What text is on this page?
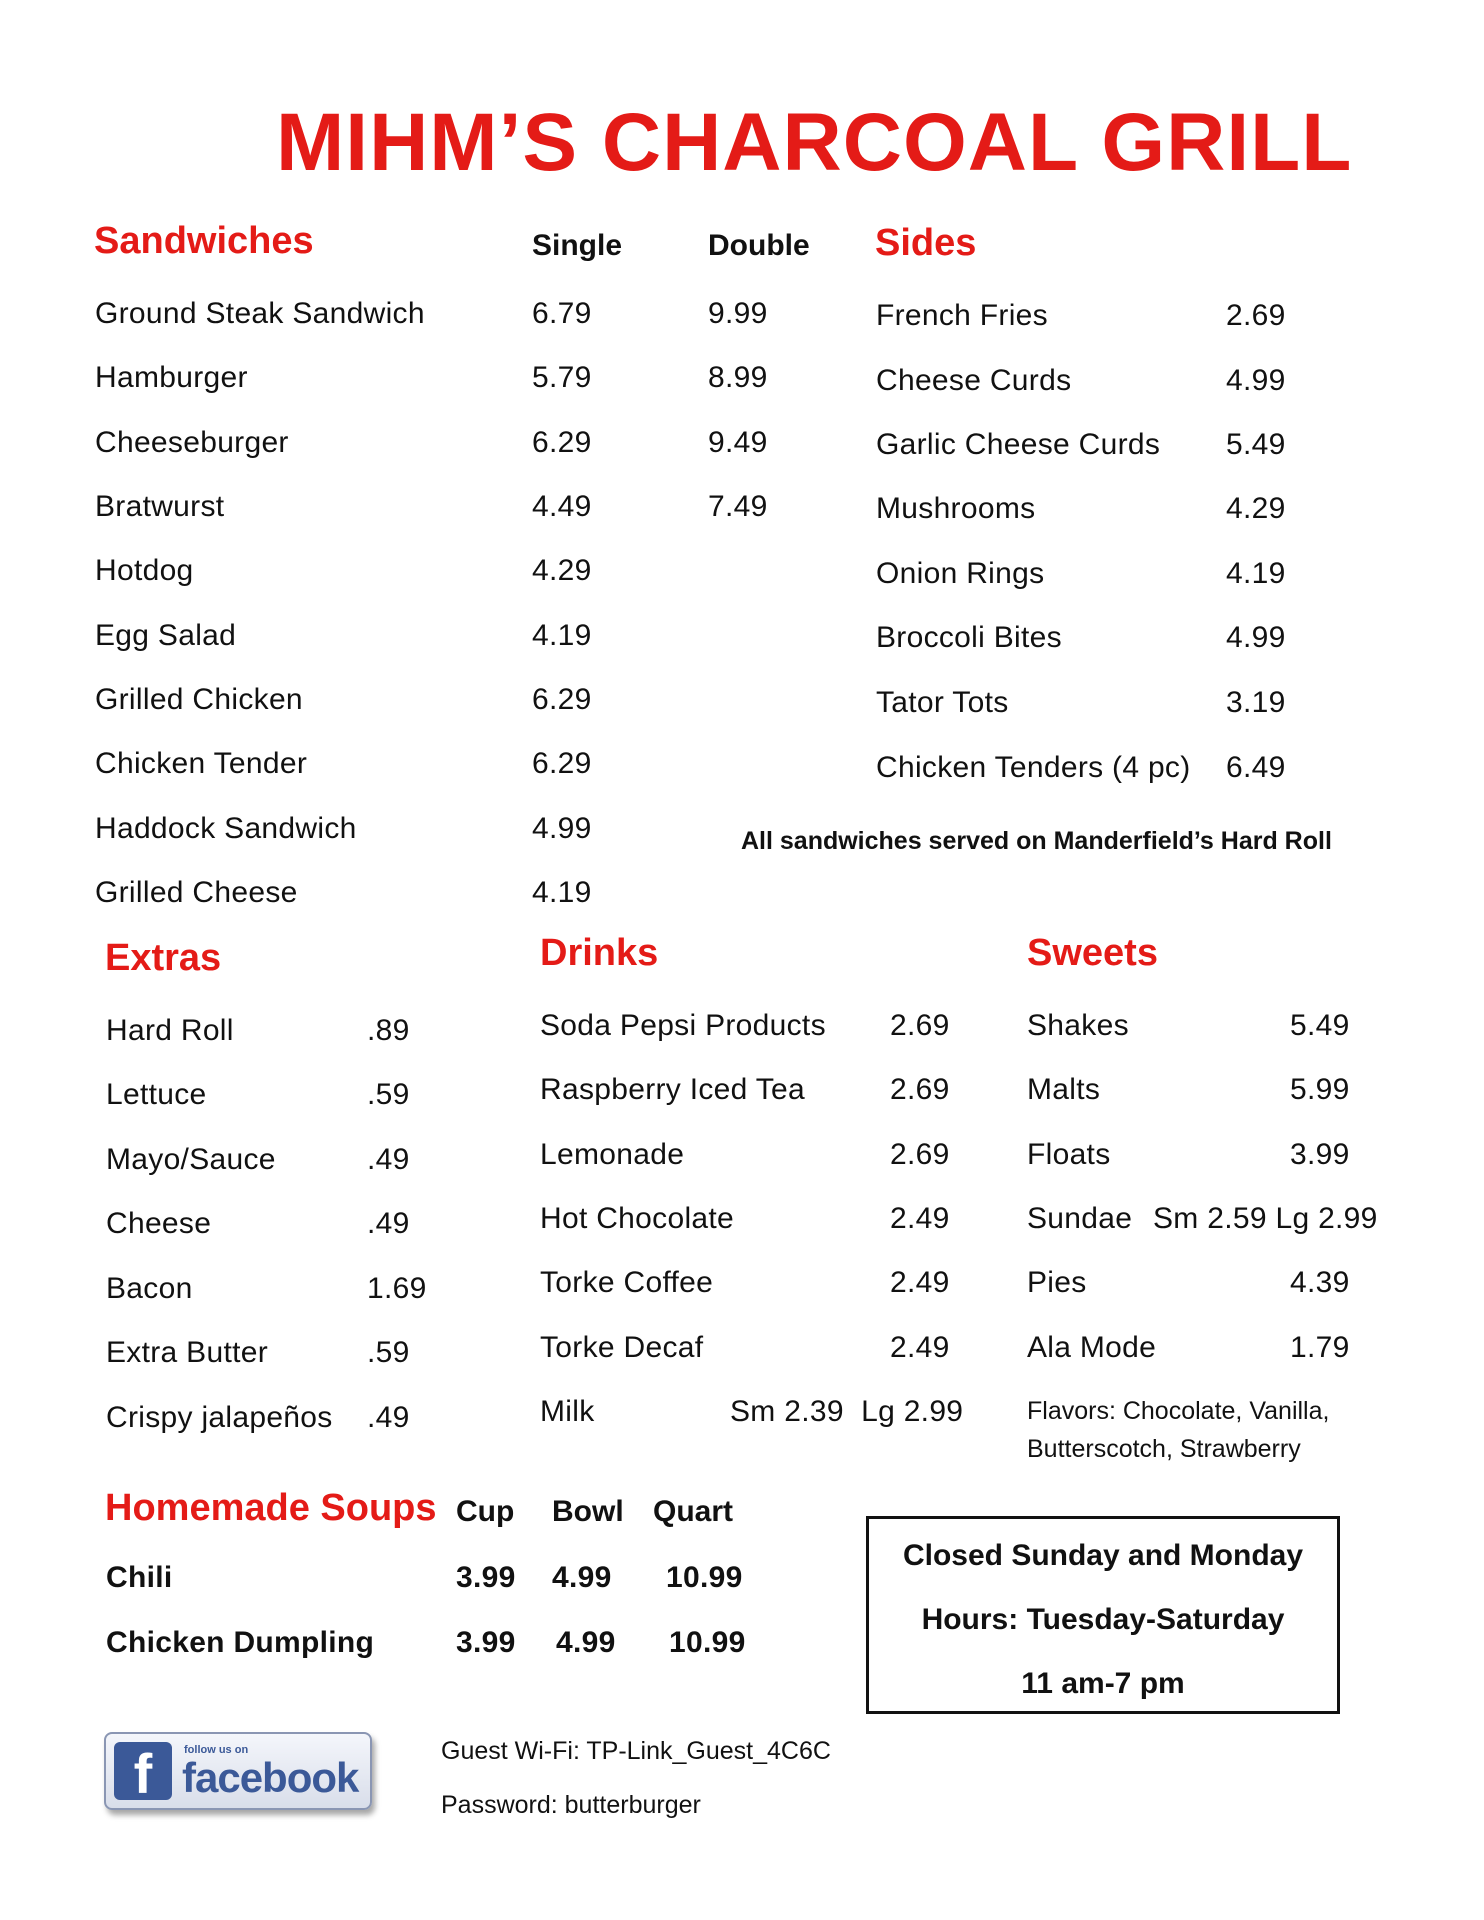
MIHM’S CHARCOAL GRILL
Sandwiches	Single	Double
Ground Steak Sandwich	6.79	9.99
Hamburger	5.79	8.99
Cheeseburger	6.29	9.49
Bratwurst	4.49	7.49
Hotdog	4.29
Egg Salad	4.19
Grilled Chicken	6.29
Chicken Tender	6.29
Haddock Sandwich	4.99
Grilled Cheese	4.19
Sides
French Fries	2.69
Cheese Curds	4.99
Garlic Cheese Curds 5.49
Mushrooms	4.29
Onion Rings	4.19
Broccoli Bites	4.99
Tator Tots	3.19
Chicken Tenders (4 pc) 6.49
All sandwiches served on Manderfield’s Hard Roll
Extras
Hard Roll	.89
Lettuce	.59
Mayo/Sauce	.49
Cheese	.49
Bacon	1.69
Extra Butter	.59
Crispy jalapeños .49
Drinks
Soda Pepsi Products 2.69
Raspberry Iced Tea	2.69
Lemonade	2.69
Hot Chocolate	2.49
Torke Coffee	2.49
Torke Decaf	2.49
Milk	Sm 2.39  Lg 2.99
Sweets
Shakes	5.49
Malts	5.99
Floats	3.99
Sundae Sm 2.59 Lg 2.99
Pies	4.39
Ala Mode	1.79
Flavors: Chocolate, Vanilla,
Butterscotch, Strawberry
Homemade Soups Cup Bowl Quart
Chili	3.99 4.99 10.99
Chicken Dumpling	3.99 4.99 10.99
Closed Sunday and Monday
Hours: Tuesday-Saturday
11 am-7 pm
f	follow us on
facebook
Guest Wi-Fi: TP-Link_Guest_4C6C
Password: butterburger
